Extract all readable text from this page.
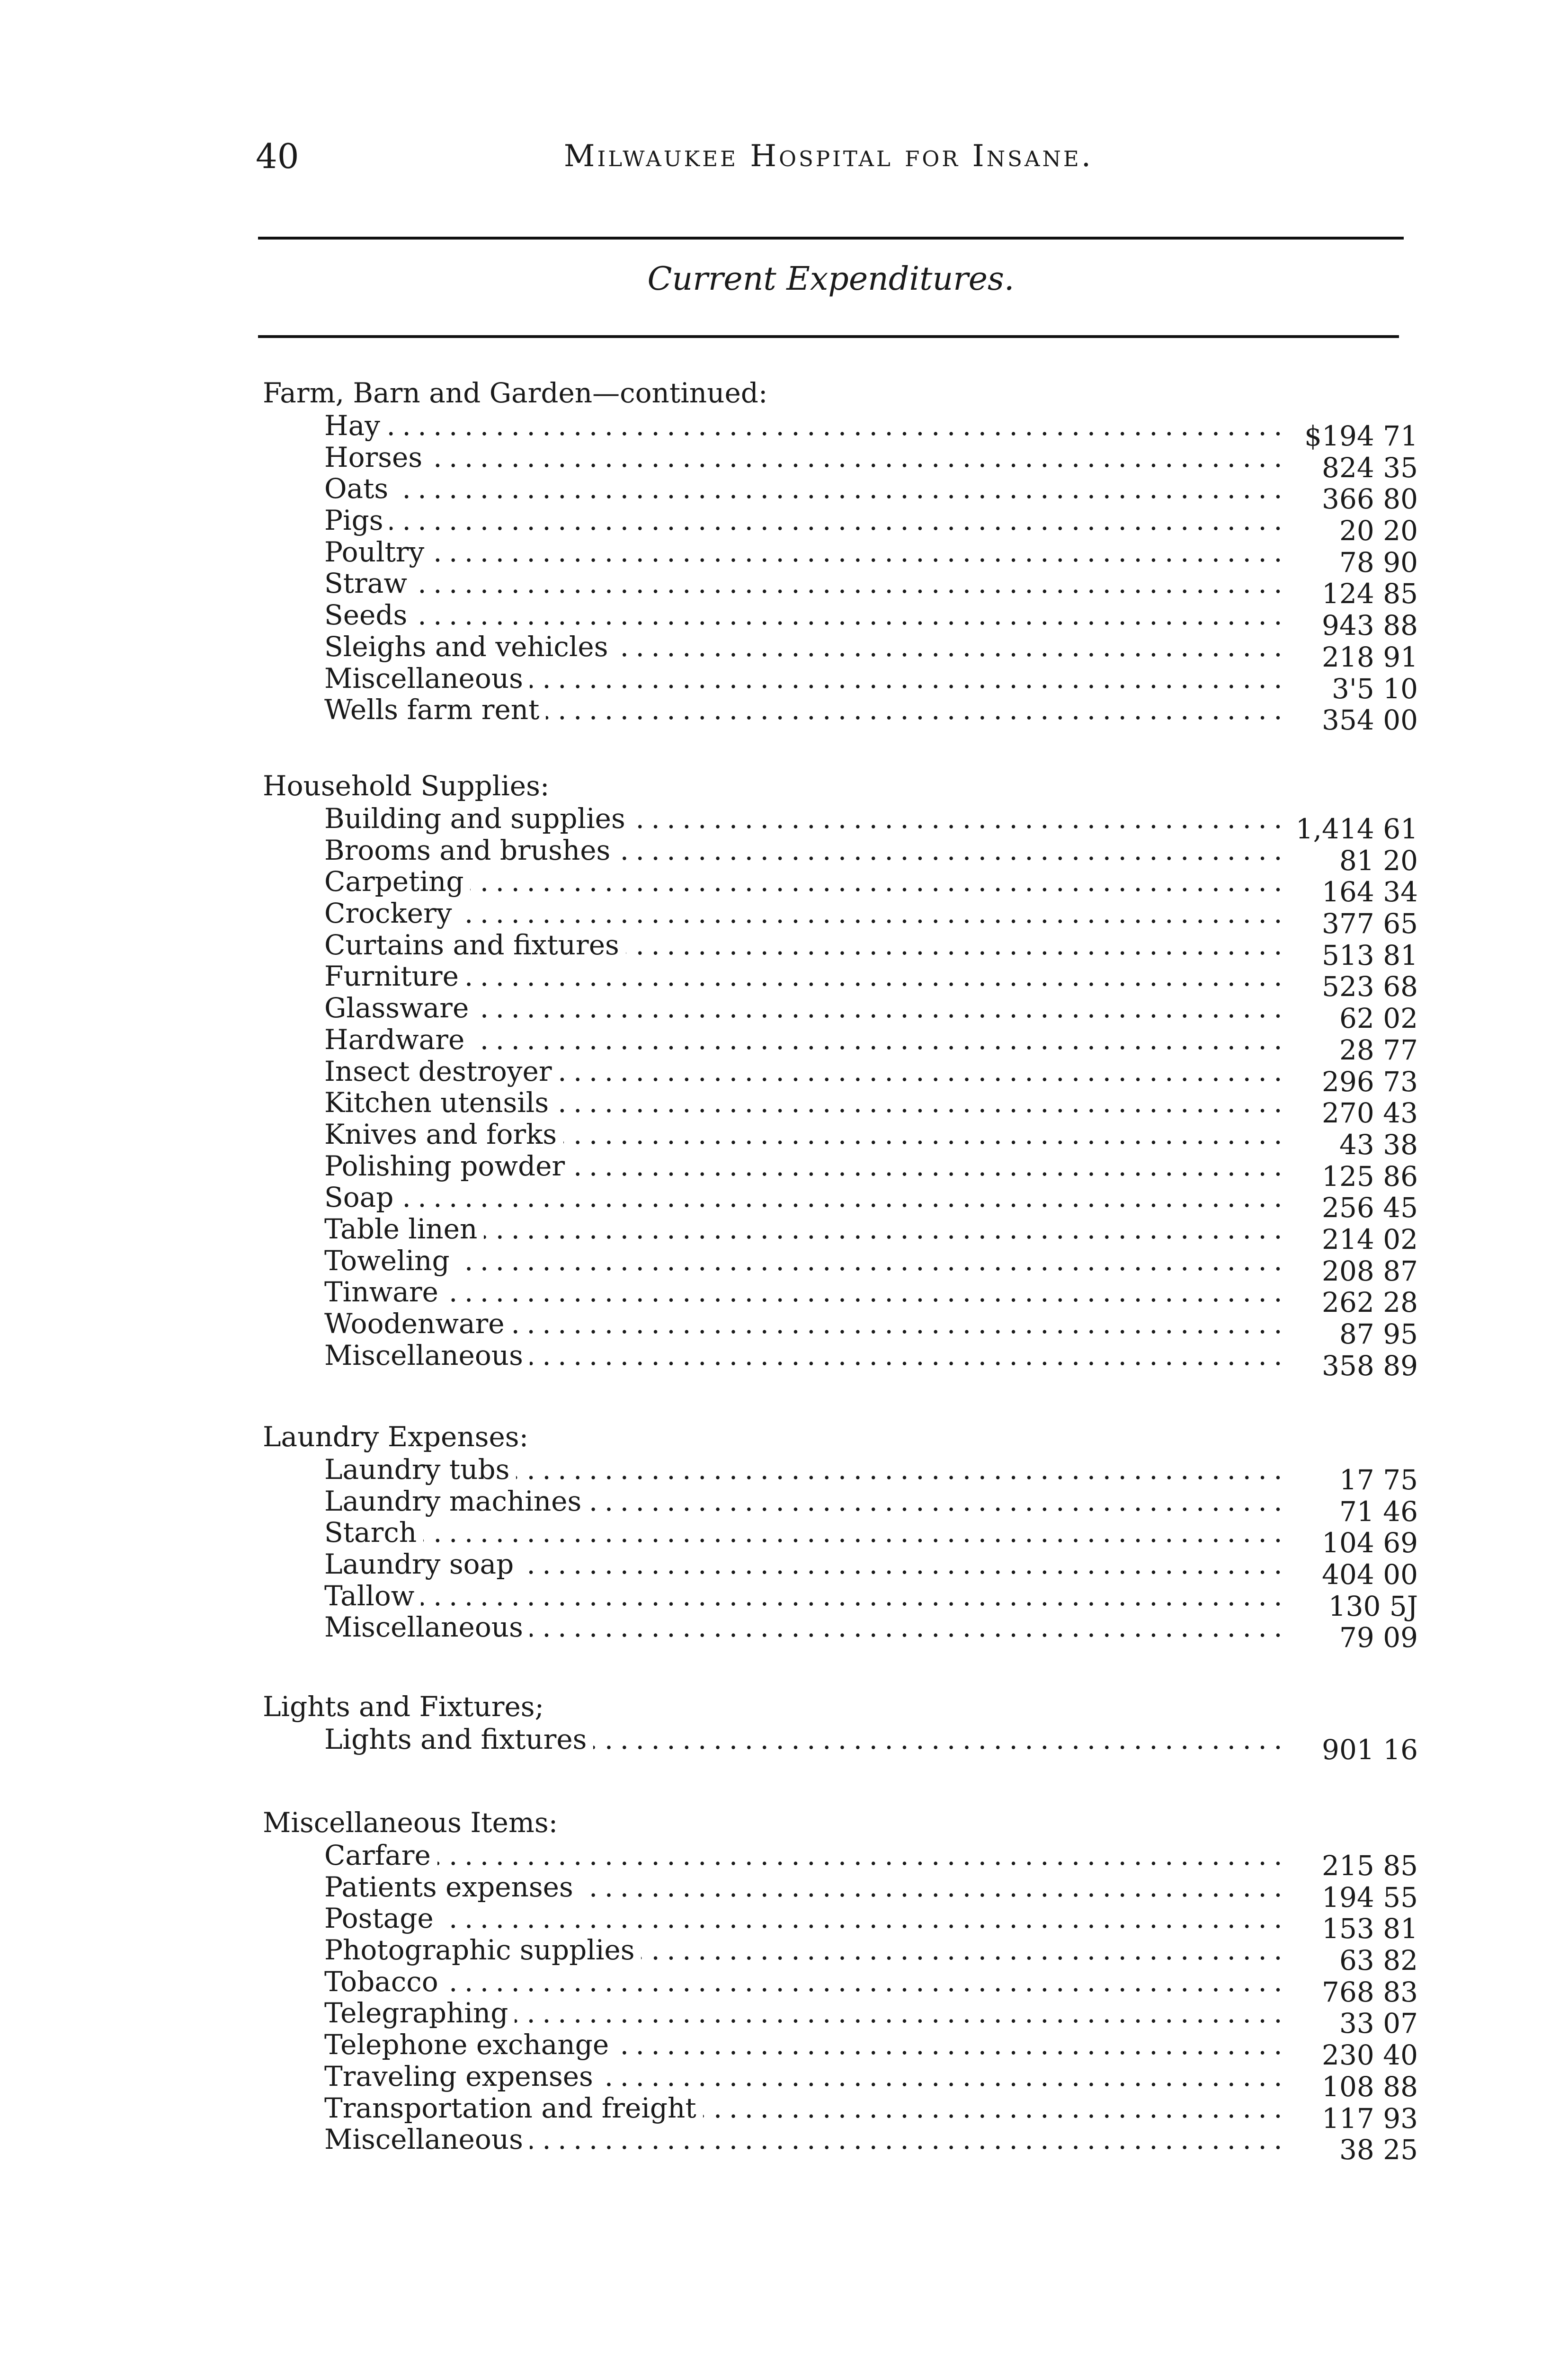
40	Milwaukee Hospital for Insane.
Current Expenditures.
Farm, Barn and Garden—continued:
Hay . . .	$194 71
Horses . . .	824 35
Oats . . .	366 80
Pigs . . .	20 20
Poultry . . .	78 90
Straw . . .	124 85
Seeds . . .	943 88
Sleighs and vehicles . . .	218 91
Miscellaneous . . .	3'5 10
Wells farm rent . . .	354 00
Household Supplies:
Building and supplies . . .	1,414 61
Brooms and brushes . . .	81 20
Carpeting . . .	164 34
Crockery . . .	377 65
Curtains and fixtures . . .	513 81
Furniture . . .	523 68
Glassware . . .	62 02
Hardware . . .	28 77
Insect destroyer . . .	296 73
Kitchen utensils . . .	270 43
Knives and forks . . .	43 38
Polishing powder . . .	125 86
Soap . . .	256 45
Table linen . . .	214 02
Toweling . . .	208 87
Tinware . . .	262 28
Woodenware . . .	87 95
Miscellaneous . . .	358 89
Laundry Expenses:
Laundry tubs . . .	17 75
Laundry machines . . .	71 46
Starch . . .	104 69
Laundry soap . . .	404 00
Tallow . . .	130 5J
Miscellaneous . . .	79 09
Lights and Fixtures;
Lights and fixtures . . .	901 16
Miscellaneous Items:
Carfare . . .	215 85
Patients expenses . . .	194 55
Postage . . .	153 81
Photographic supplies . . .	63 82
Tobacco . . .	768 83
Telegraphing . . .	33 07
Telephone exchange . . .	230 40
Traveling expenses . . .	108 88
Transportation and freight . . .	117 93
Miscellaneous . . .	38 25
